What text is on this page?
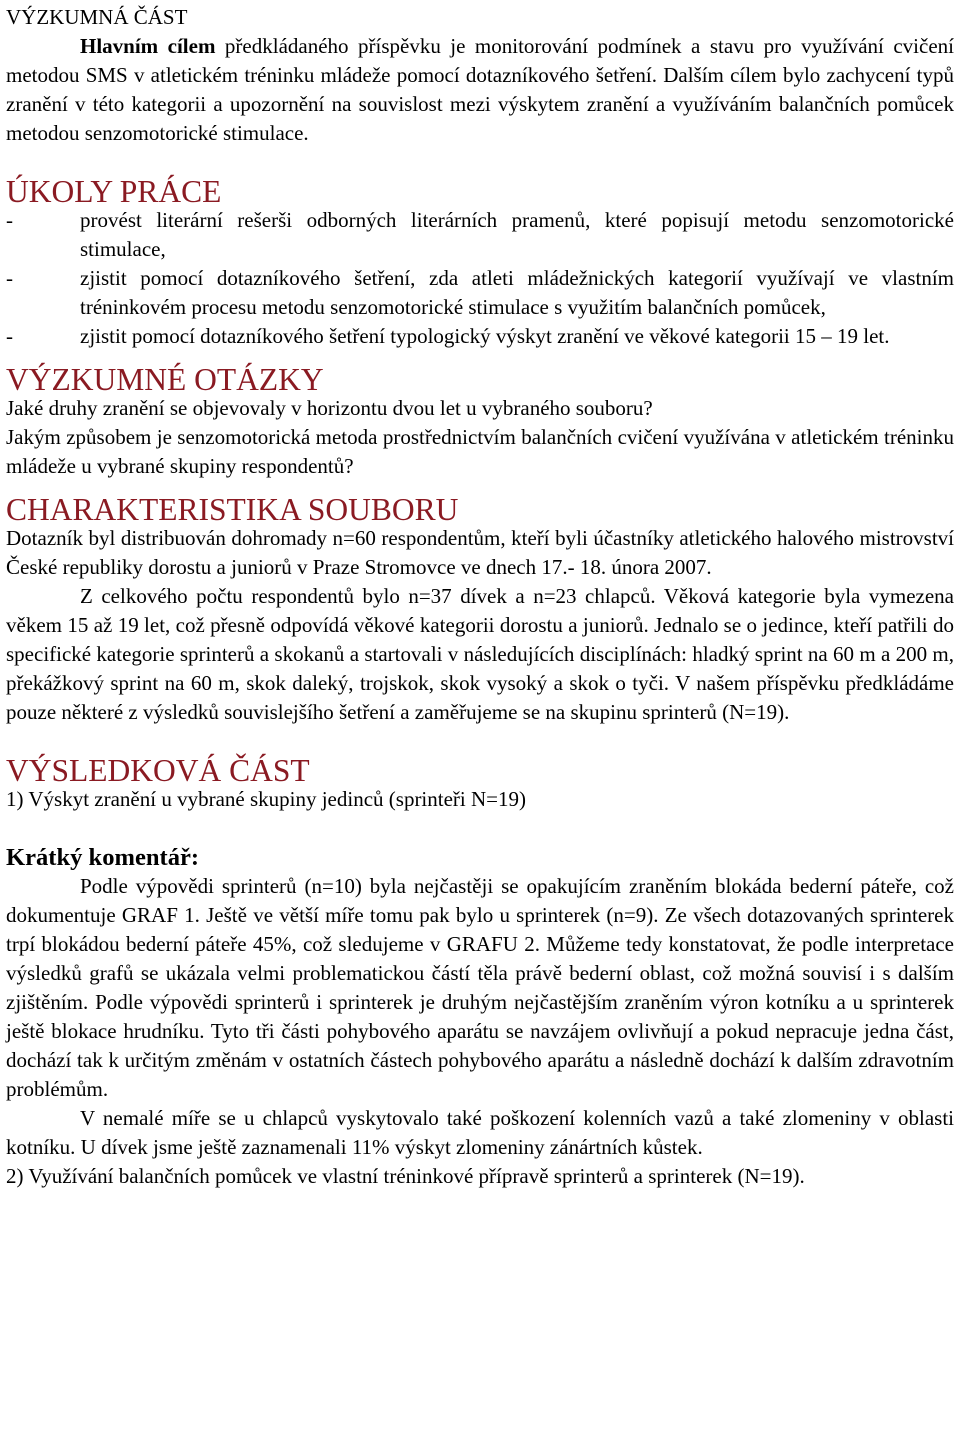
VÝZKUMNÁ ČÁST

Hlavním cílem předkládaného příspěvku je monitorování podmínek a stavu pro využívání cvičení metodou SMS v atletickém tréninku mládeže pomocí dotazníkového šetření. Dalším cílem bylo zachycení typů zranění v této kategorii a upozornění na souvislost mezi výskytem zranění a využíváním balančních pomůcek metodou senzomotorické stimulace.

ÚKOLY PRÁCE
-	provést literární rešerši odborných literárních pramenů, které popisují metodu senzomotorické stimulace,
-	zjistit pomocí dotazníkového šetření, zda atleti mládežnických kategorií využívají ve vlastním tréninkovém procesu metodu senzomotorické stimulace s využitím balančních pomůcek,
-	zjistit pomocí dotazníkového šetření typologický výskyt zranění ve věkové kategorii 15 – 19 let.
VÝZKUMNÉ OTÁZKY

Jaké druhy zranění se objevovaly v horizontu dvou let u vybraného souboru?

Jakým způsobem je senzomotorická metoda prostřednictvím balančních cvičení využívána v atletickém tréninku mládeže u vybrané skupiny respondentů?

CHARAKTERISTIKA SOUBORU

Dotazník byl distribuován dohromady n=60 respondentům, kteří byli účastníky atletického halového mistrovství České republiky dorostu a juniorů v Praze Stromovce ve dnech 17.- 18. února 2007.

Z celkového počtu respondentů bylo n=37 dívek a n=23 chlapců. Věková kategorie byla vymezena věkem 15 až 19 let, což přesně odpovídá věkové kategorii dorostu a juniorů. Jednalo se o jedince, kteří patřili do specifické kategorie sprinterů a skokanů a startovali v následujících disciplínách: hladký sprint na 60 m a 200 m, překážkový sprint na 60 m, skok daleký, trojskok, skok vysoký a skok o tyči. V našem příspěvku předkládáme pouze některé z výsledků souvislejšího šetření a zaměřujeme se na skupinu sprinterů (N=19).

VÝSLEDKOVÁ ČÁST

1) Výskyt zranění u vybrané skupiny jedinců (sprinteři N=19)

Krátký komentář:

Podle výpovědi sprinterů (n=10) byla nejčastěji se opakujícím zraněním blokáda bederní páteře, což dokumentuje GRAF 1. Ještě ve větší míře tomu pak bylo u sprinterek (n=9). Ze všech dotazovaných sprinterek trpí blokádou bederní páteře 45%, což sledujeme v GRAFU 2. Můžeme tedy konstatovat, že podle interpretace výsledků grafů se ukázala velmi problematickou částí těla právě bederní oblast, což možná souvisí i s dalším zjištěním. Podle výpovědi sprinterů i sprinterek je druhým nejčastějším zraněním výron kotníku a u sprinterek ještě blokace hrudníku. Tyto tři části pohybového aparátu se navzájem ovlivňují a pokud nepracuje jedna část, dochází tak k určitým změnám v ostatních částech pohybového aparátu a následně dochází k dalším zdravotním problémům.

V nemalé míře se u chlapců vyskytovalo také poškození kolenních vazů a také zlomeniny v oblasti kotníku. U dívek jsme ještě zaznamenali 11% výskyt zlomeniny zánártních kůstek.

2) Využívání balančních pomůcek ve vlastní tréninkové přípravě sprinterů a sprinterek (N=19).
